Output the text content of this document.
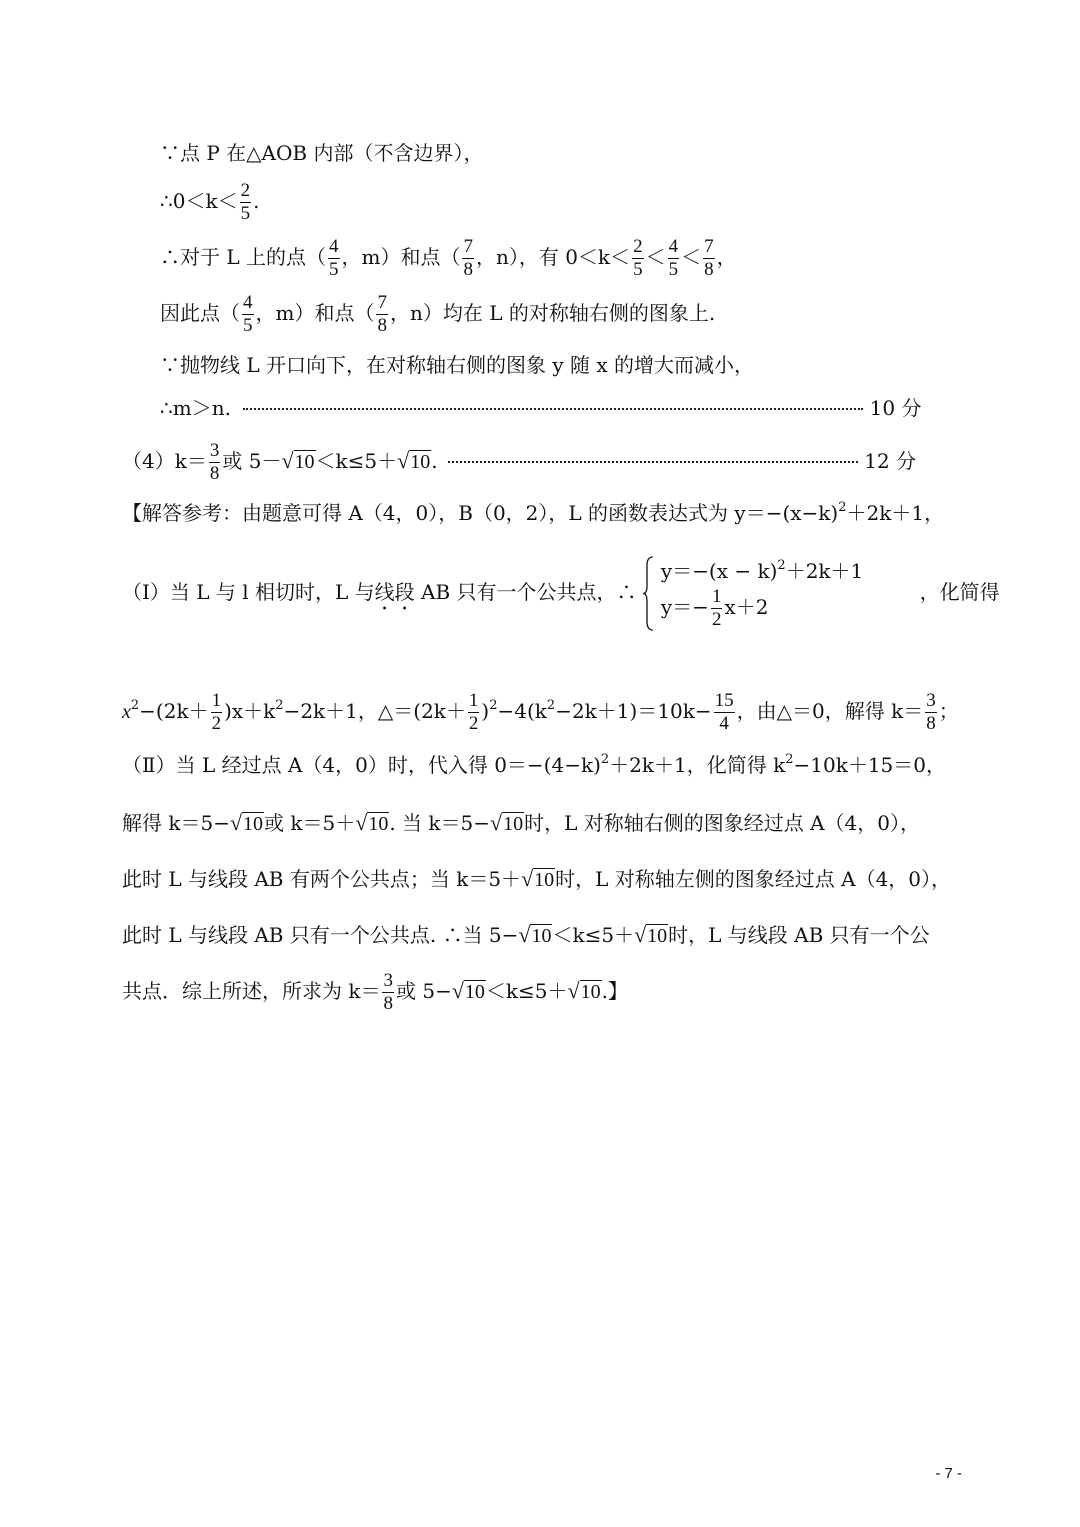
∵点 P 在△AOB 内部（不含边界），
∴0＜k＜ $\frac{2}{5}$ .
∴对于 L 上的点（ $\frac{4}{5}$ ，m）和点（ $\frac{7}{8}$ ，n），有 $0<k< \frac{2}{5} < \frac{4}{5} < \frac{7}{8}$ ，
因此点（ $\frac{4}{5}$ ，m）和点（ $\frac{7}{8}$ ，n）均在 L 的对称轴右侧的图象上.
∵抛物线 L 开口向下，在对称轴右侧的图象 y 随 x 的增大而减小，
∴m＞n.	10 分
$(4)k= \frac{3}{8}$ 或 5－√10＜k≤5＋√10.	12 分
【解答参考：由题意可得 A（4，0），B（0，2），L 的函数表达式为 $y=-(x-k)^2+2k+1$，
（I）当 L 与 l 相切时，L 与线段 AB 只有一个公共点，∴
$y=-(x - k)^2+2k+1$
$y=- \frac{1}{2} x+2$
，化简得
$x^2-(2k+ \frac{1}{2} )x+k^2-2k+1$，△＝(2k＋ $\frac{1}{2} )^2-4(k^2-2k+1)=10k- \frac{15}{4}$ ，由△＝0，解得 $k= \frac{3}{8}$ ；
（Ⅱ）当 L 经过点 A（4，0）时，代入得 $0=-(4-k)^2+2k+1$，化简得 $k^2-10k+15=0$，
解得 k＝5−√10或 k＝5＋√10. 当 k＝5−√10时，L 对称轴右侧的图象经过点 A（4，0），
此时 L 与线段 AB 有两个公共点；当 k＝5＋√10时，L 对称轴左侧的图象经过点 A（4，0），
此时 L 与线段 AB 只有一个公共点. ∴当 5−√10＜k≤5＋√10时，L 与线段 AB 只有一个公
共点．综上所述，所求为 $k= \frac{3}{8}$ 或 5−√10＜k≤5＋√10.】
- 7 -
